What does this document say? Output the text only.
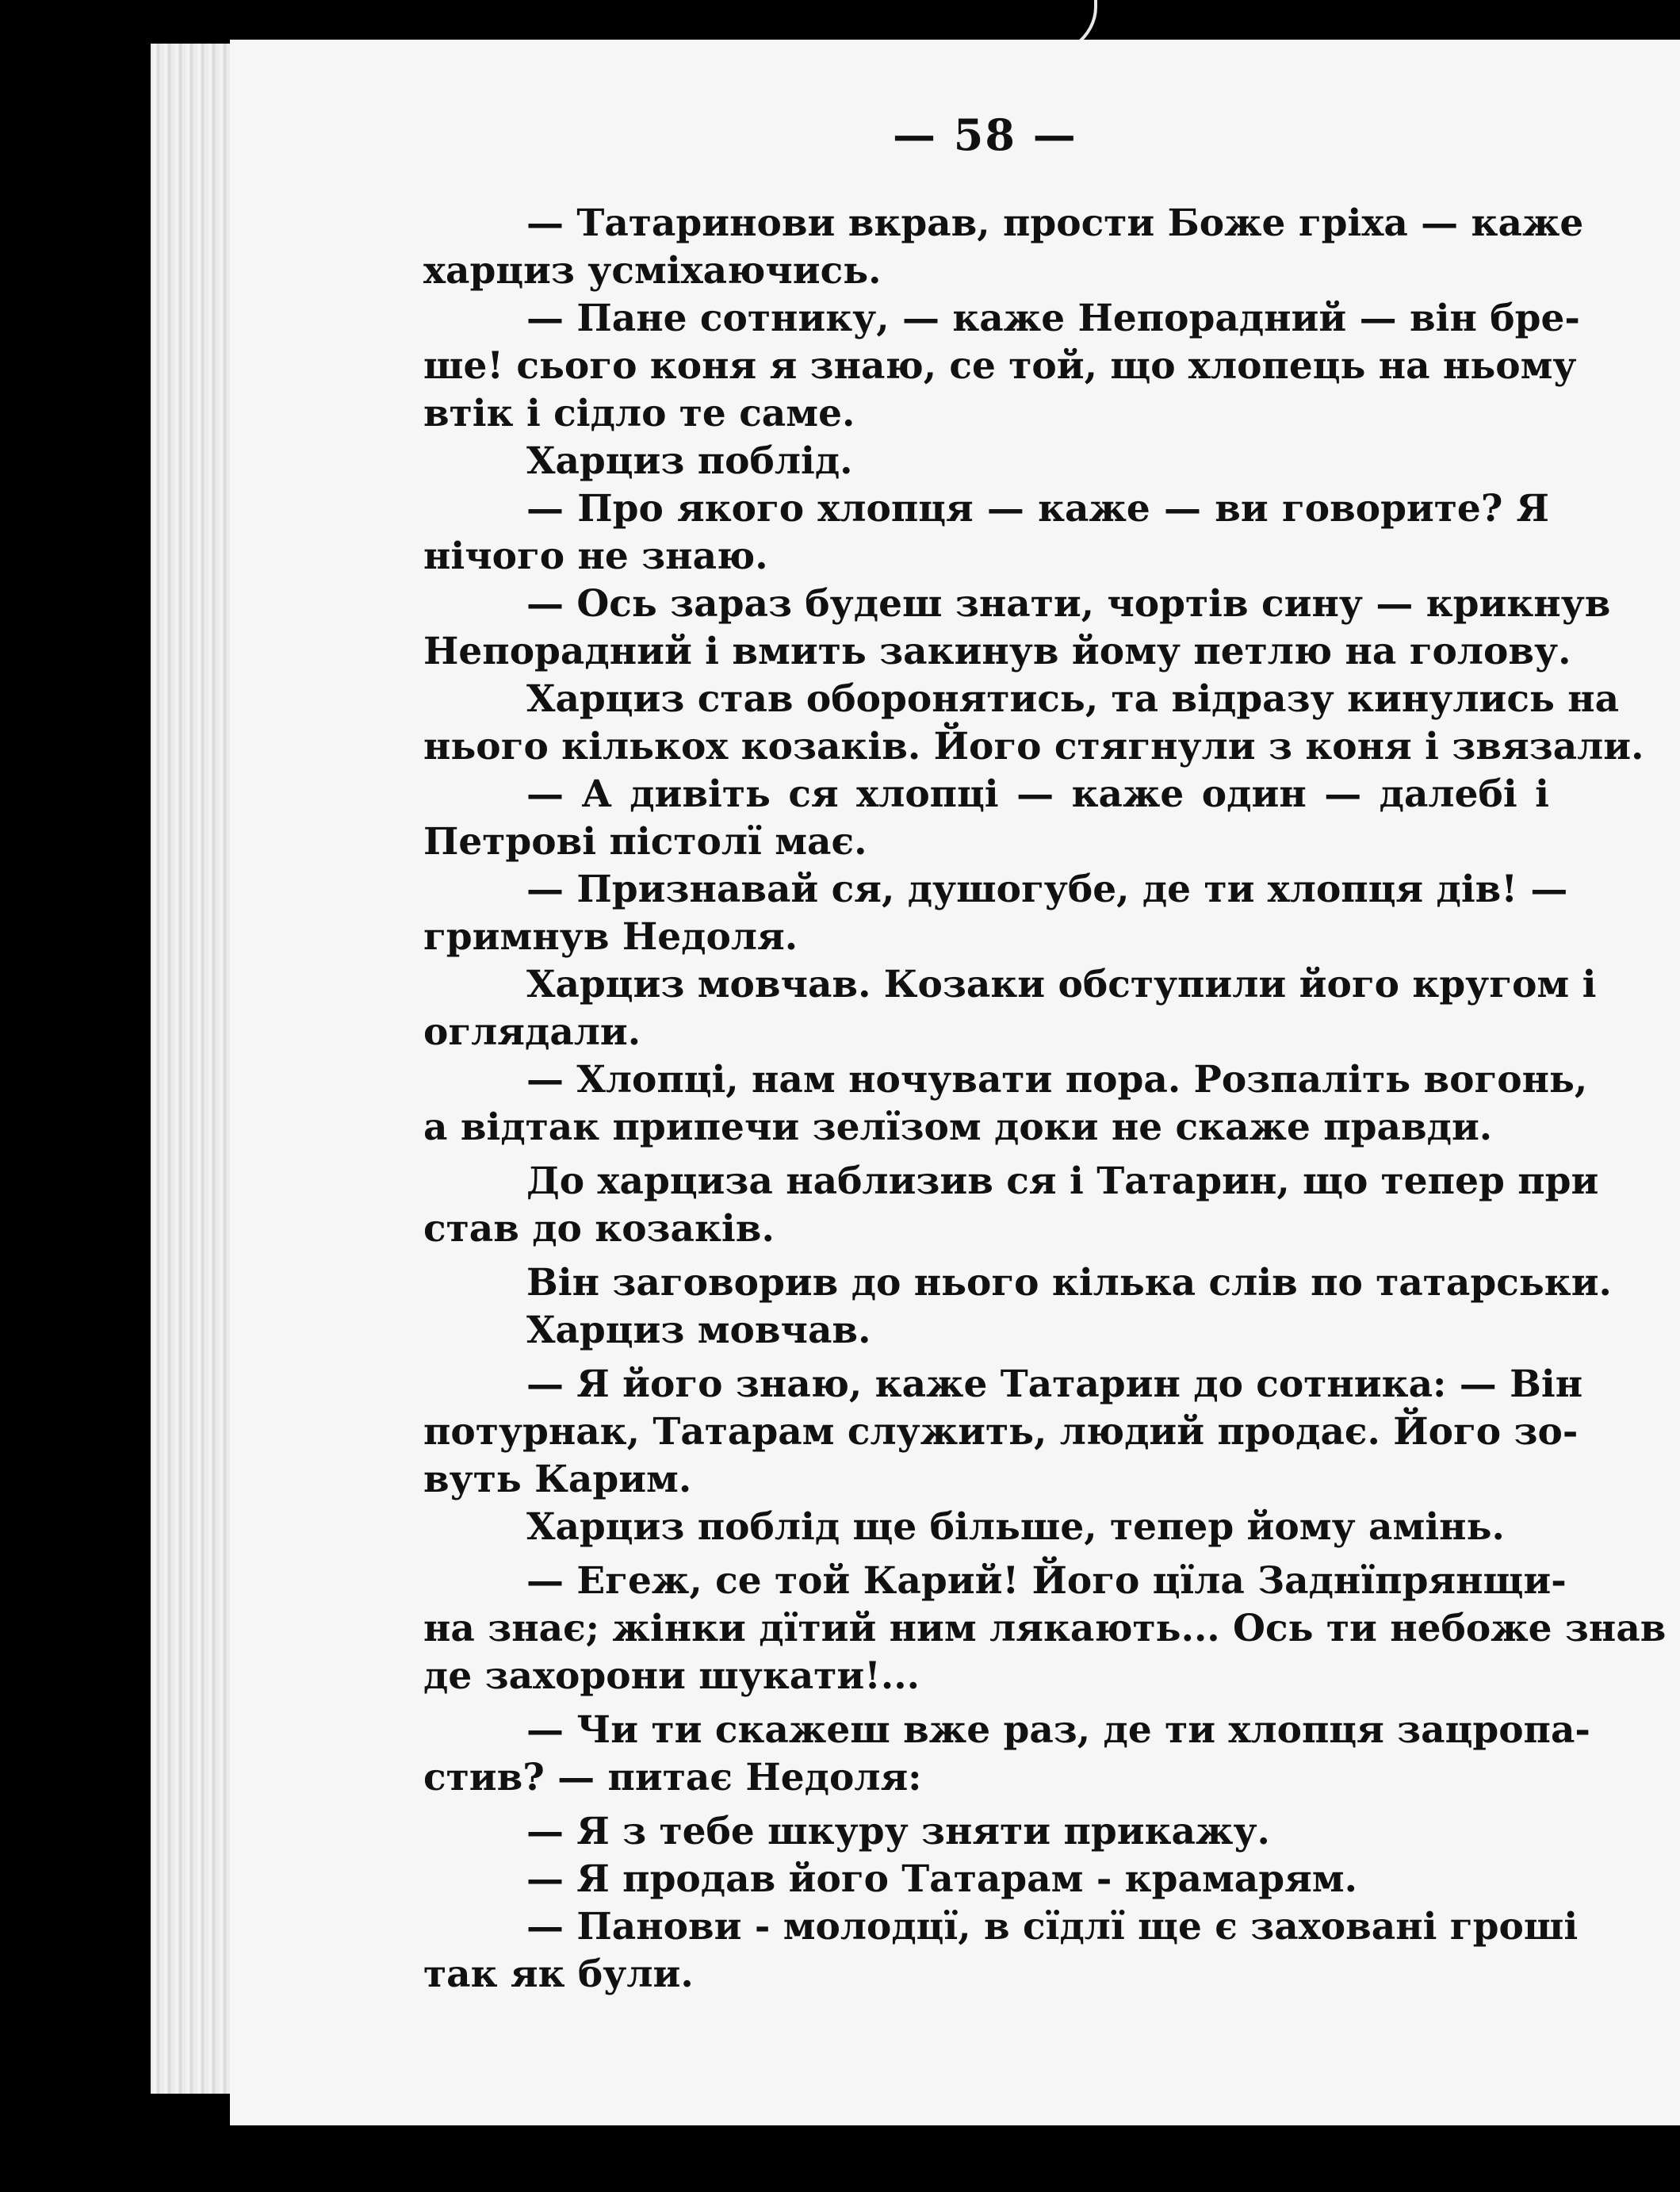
— 58 —
— Татаринови вкрав, прости Боже гріха — каже
харциз усміхаючись.
— Пане сотнику, — каже Непорадний — він бре-
ше! сього коня я знаю, се той, що хлопець на ньому
втік і сідло те саме.
Харциз поблід.
— Про якого хлопця — каже — ви говорите? Я
нічого не знаю.
— Ось зараз будеш знати, чортів сину — крикнув
Непорадний і вмить закинув йому петлю на голову.
Харциз став оборонятись, та відразу кинулись на
нього кількох козаків. Його стягнули з коня і звязали.
— А дивіть ся хлопці — каже один — далебі і
Петрові пістолї має.
— Признавай ся, душогубе, де ти хлопця дів! —
гримнув Недоля.
Харциз мовчав. Козаки обступили його кругом і
оглядали.
— Хлопці, нам ночувати пора. Розпаліть вогонь,
а відтак припечи зелїзом доки не скаже правди.
До харциза наблизив ся і Татарин, що тепер при
став до козаків.
Він заговорив до нього кілька слів по татарськи.
Харциз мовчав.
— Я його знаю, каже Татарин до сотника: — Він
потурнак, Татарам служить, людий продає. Його зо-
вуть Карим.
Харциз поблід ще більше, тепер йому амінь.
— Егеж, се той Карий! Його цїла Заднїпрянщи-
на знає; жінки дїтий ним лякають... Ось ти небоже знав
де захорони шукати!...
— Чи ти скажеш вже раз, де ти хлопця зацропа-
стив? — питає Недоля:
— Я з тебе шкуру зняти прикажу.
— Я продав його Татарам - крамарям.
— Панови - молодцї, в сїдлї ще є заховані гроші
так як були.
